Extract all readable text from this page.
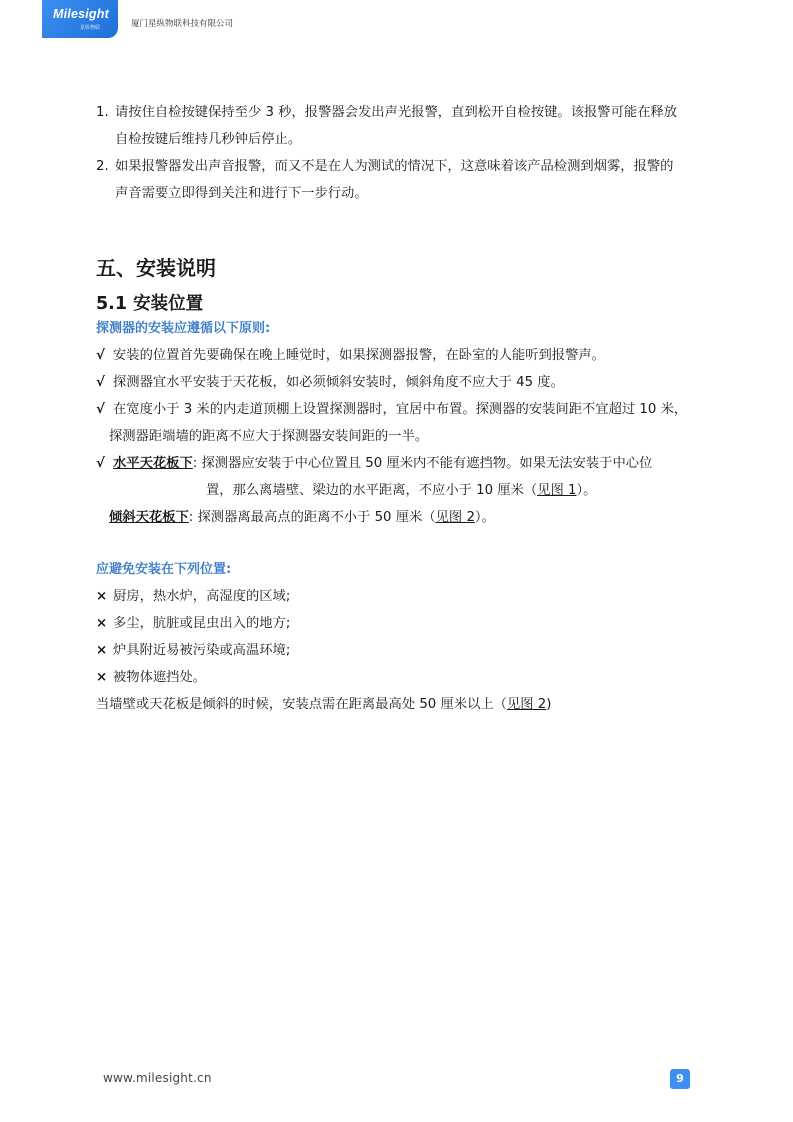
Milesight
星纵物联	厦门星纵物联科技有限公司
1. 请按住自检按键保持至少 3 秒，报警器会发出声光报警，直到松开自检按键。该报警可能在释放
自检按键后维持几秒钟后停止。
2. 如果报警器发出声音报警，而又不是在人为测试的情况下，这意味着该产品检测到烟雾，报警的
声音需要立即得到关注和进行下一步行动。
五、安装说明
5.1 安装位置
探测器的安装应遵循以下原则:
√ 安装的位置首先要确保在晚上睡觉时，如果探测器报警，在卧室的人能听到报警声。
√ 探测器宜水平安装于天花板，如必须倾斜安装时，倾斜角度不应大于 45 度。
√ 在宽度小于 3 米的内走道顶棚上设置探测器时，宜居中布置。探测器的安装间距不宜超过 10 米，
探测器距端墙的距离不应大于探测器安装间距的一半。
√ 水平天花板下: 探测器应安装于中心位置且 50 厘米内不能有遮挡物。如果无法安装于中心位
置，那么离墙壁、梁边的水平距离，不应小于 10 厘米（见图 1）。
倾斜天花板下: 探测器离最高点的距离不小于 50 厘米（见图 2）。
应避免安装在下列位置:
× 厨房，热水炉，高湿度的区域;
× 多尘，肮脏或昆虫出入的地方;
× 炉具附近易被污染或高温环境;
× 被物体遮挡处。
当墙壁或天花板是倾斜的时候，安装点需在距离最高处 50 厘米以上（见图 2)
www.milesight.cn	9
